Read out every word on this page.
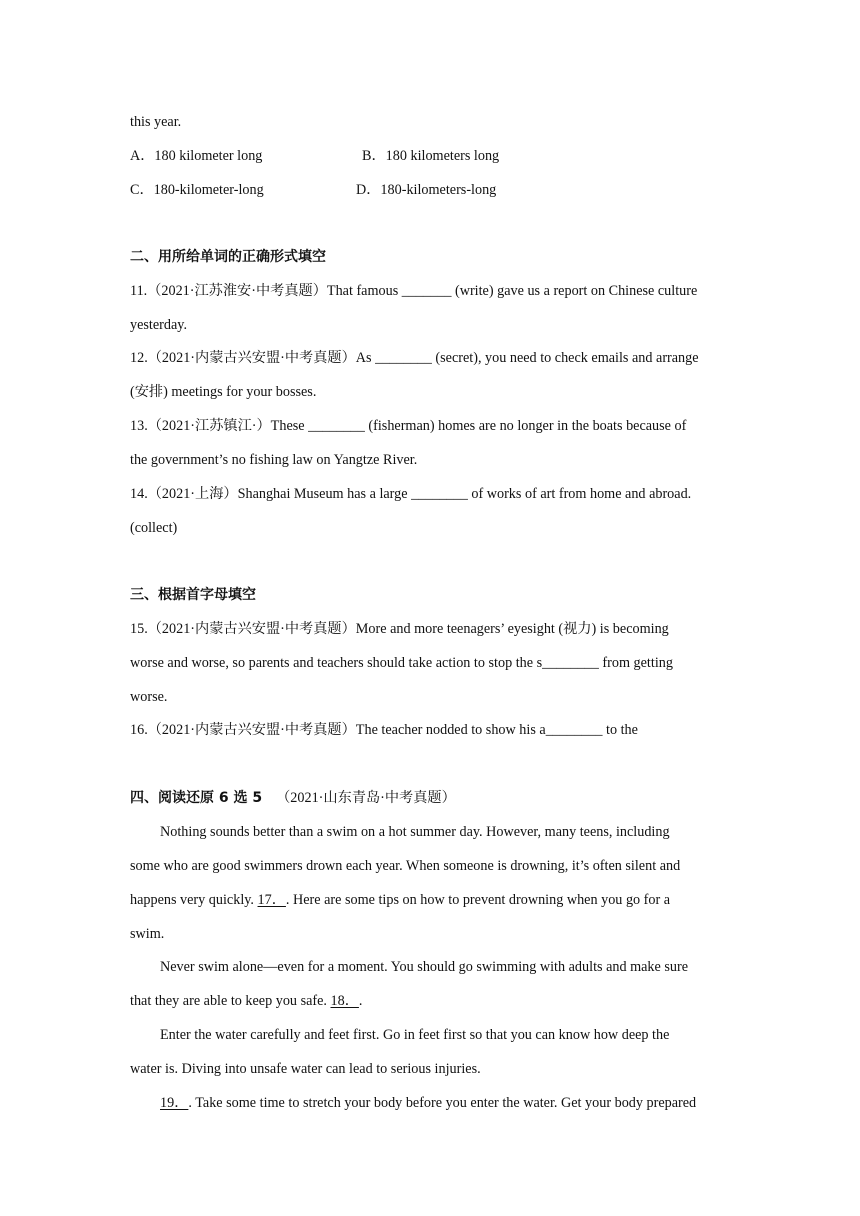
this year.
A．180 kilometer long	B．180 kilometers long
C．180-kilometer-long	D．180-kilometers-long
二、用所给单词的正确形式填空
11.（2021·江苏淮安·中考真题）That famous _______ (write) gave us a report on Chinese culture
yesterday.
12.（2021·内蒙古兴安盟·中考真题）As ________ (secret), you need to check emails and arrange
(安排) meetings for your bosses.
13.（2021·江苏镇江·）These ________ (fisherman) homes are no longer in the boats because of
the government’s no fishing law on Yangtze River.
14.（2021·上海）Shanghai Museum has a large ________ of works of art from home and abroad.
(collect)
三、根据首字母填空
15.（2021·内蒙古兴安盟·中考真题）More and more teenagers’ eyesight (视力) is becoming
worse and worse, so parents and teachers should take action to stop the s________ from getting
worse.
16.（2021·内蒙古兴安盟·中考真题）The teacher nodded to show his a________ to the
四、阅读还原 6 选 5 （2021·山东青岛·中考真题）
Nothing sounds better than a swim on a hot summer day. However, many teens, including
some who are good swimmers drown each year. When someone is drowning, it’s often silent and
happens very quickly. 17．. Here are some tips on how to prevent drowning when you go for a
swim.
Never swim alone—even for a moment. You should go swimming with adults and make sure
that they are able to keep you safe. 18．.
Enter the water carefully and feet first. Go in feet first so that you can know how deep the
water is. Diving into unsafe water can lead to serious injuries.
19．. Take some time to stretch your body before you enter the water. Get your body prepared
